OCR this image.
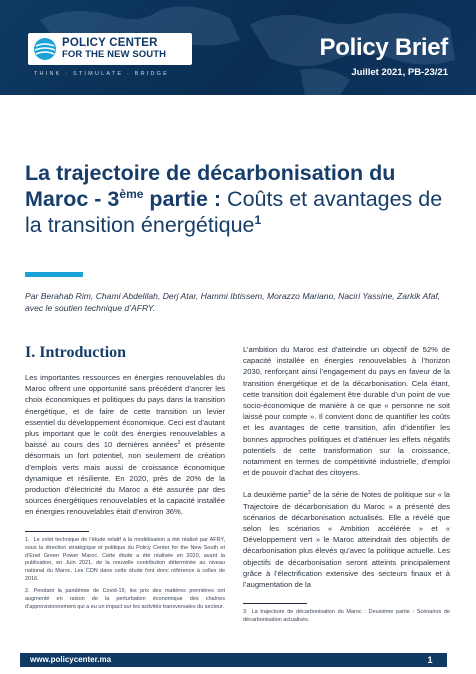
POLICY CENTER
FOR THE NEW SOUTH
THINK · STIMULATE · BRIDGE
Policy Brief
Juillet 2021, PB-23/21
La trajectoire de décarbonisation du Maroc - 3ème partie : Coûts et avantages de la transition énergétique$^1$

Par Berahab Rim, Chami Abdelilah, Derj Atar, Hammi Ibtissem, Morazzo Mariano, Naciri Yassine, Zarkik Afaf, avec le soutien technique d’AFRY.

I. Introduction

Les importantes ressources en énergies renouvelables du Maroc offrent une opportunité sans précédent d’ancrer les choix économiques et politiques du pays dans la transition énergétique, et de faire de cette transition un levier essentiel du développement économique. Ceci est d’autant plus important que le coût des énergies renouvelables a baissé au cours des 10 dernières années$^2$ et présente désormais un fort potentiel, non seulement de création d’emplois verts mais aussi de croissance économique dynamique et résiliente. En 2020, près de 20% de la production d’électricité du Maroc a été assurée par des sources énergétiques renouvelables et la capacité installée en énergies renouvelables était d’environ 36%.

1. Le volet technique de l’étude relatif à la modélisation a été réalisé par AFRY, sous la direction stratégique et politique du Policy Center for the New South et d’Enel Green Power Maroc. Cette étude a été réalisée en 2020, avant la publication, en Juin 2021, de la nouvelle contribution déterminée au niveau national du Maroc. Les CDN dans cette étude font donc référence à celles de 2016.
2. Pendant la pandémie de Covid-19, les prix des matières premières ont augmenté en raison de la perturbation économique des chaînes d’approvisionnement qui a eu un impact sur les activités transversales du secteur.

L’ambition du Maroc est d’atteindre un objectif de 52% de capacité installée en énergies renouvelables à l’horizon 2030, renforçant ainsi l’engagement du pays en faveur de la transition énergétique et de la décarbonisation. Cela étant, cette transition doit également être durable d’un point de vue socio-économique de manière à ce que « personne ne soit laissé pour compte ». Il convient donc de quantifier les coûts et les avantages de cette transition, afin d’identifier les bonnes approches politiques et d’atténuer les effets négatifs potentiels de cette transformation sur la croissance, notamment en termes de compétitivité industrielle, d’emploi et de pouvoir d’achat des citoyens.

La deuxième partie$^3$ de la série de Notes de politique sur « la Trajectoire de décarbonisation du Maroc » a présenté des scénarios de décarbonisation actualisés. Elle a révélé que selon les scénarios « Ambition accélérée » et « Développement vert » le Maroc atteindrait des objectifs de décarbonisation plus élevés qu’avec la politique actuelle. Les objectifs de décarbonisation seront atteints principalement grâce à l’électrification extensive des secteurs finaux et à l’augmentation de la

3. La trajectoire de décarbonisation du Maroc : Deuxième partie : Scénarios de décarbonisation actualisés.
www.policycenter.ma	1
